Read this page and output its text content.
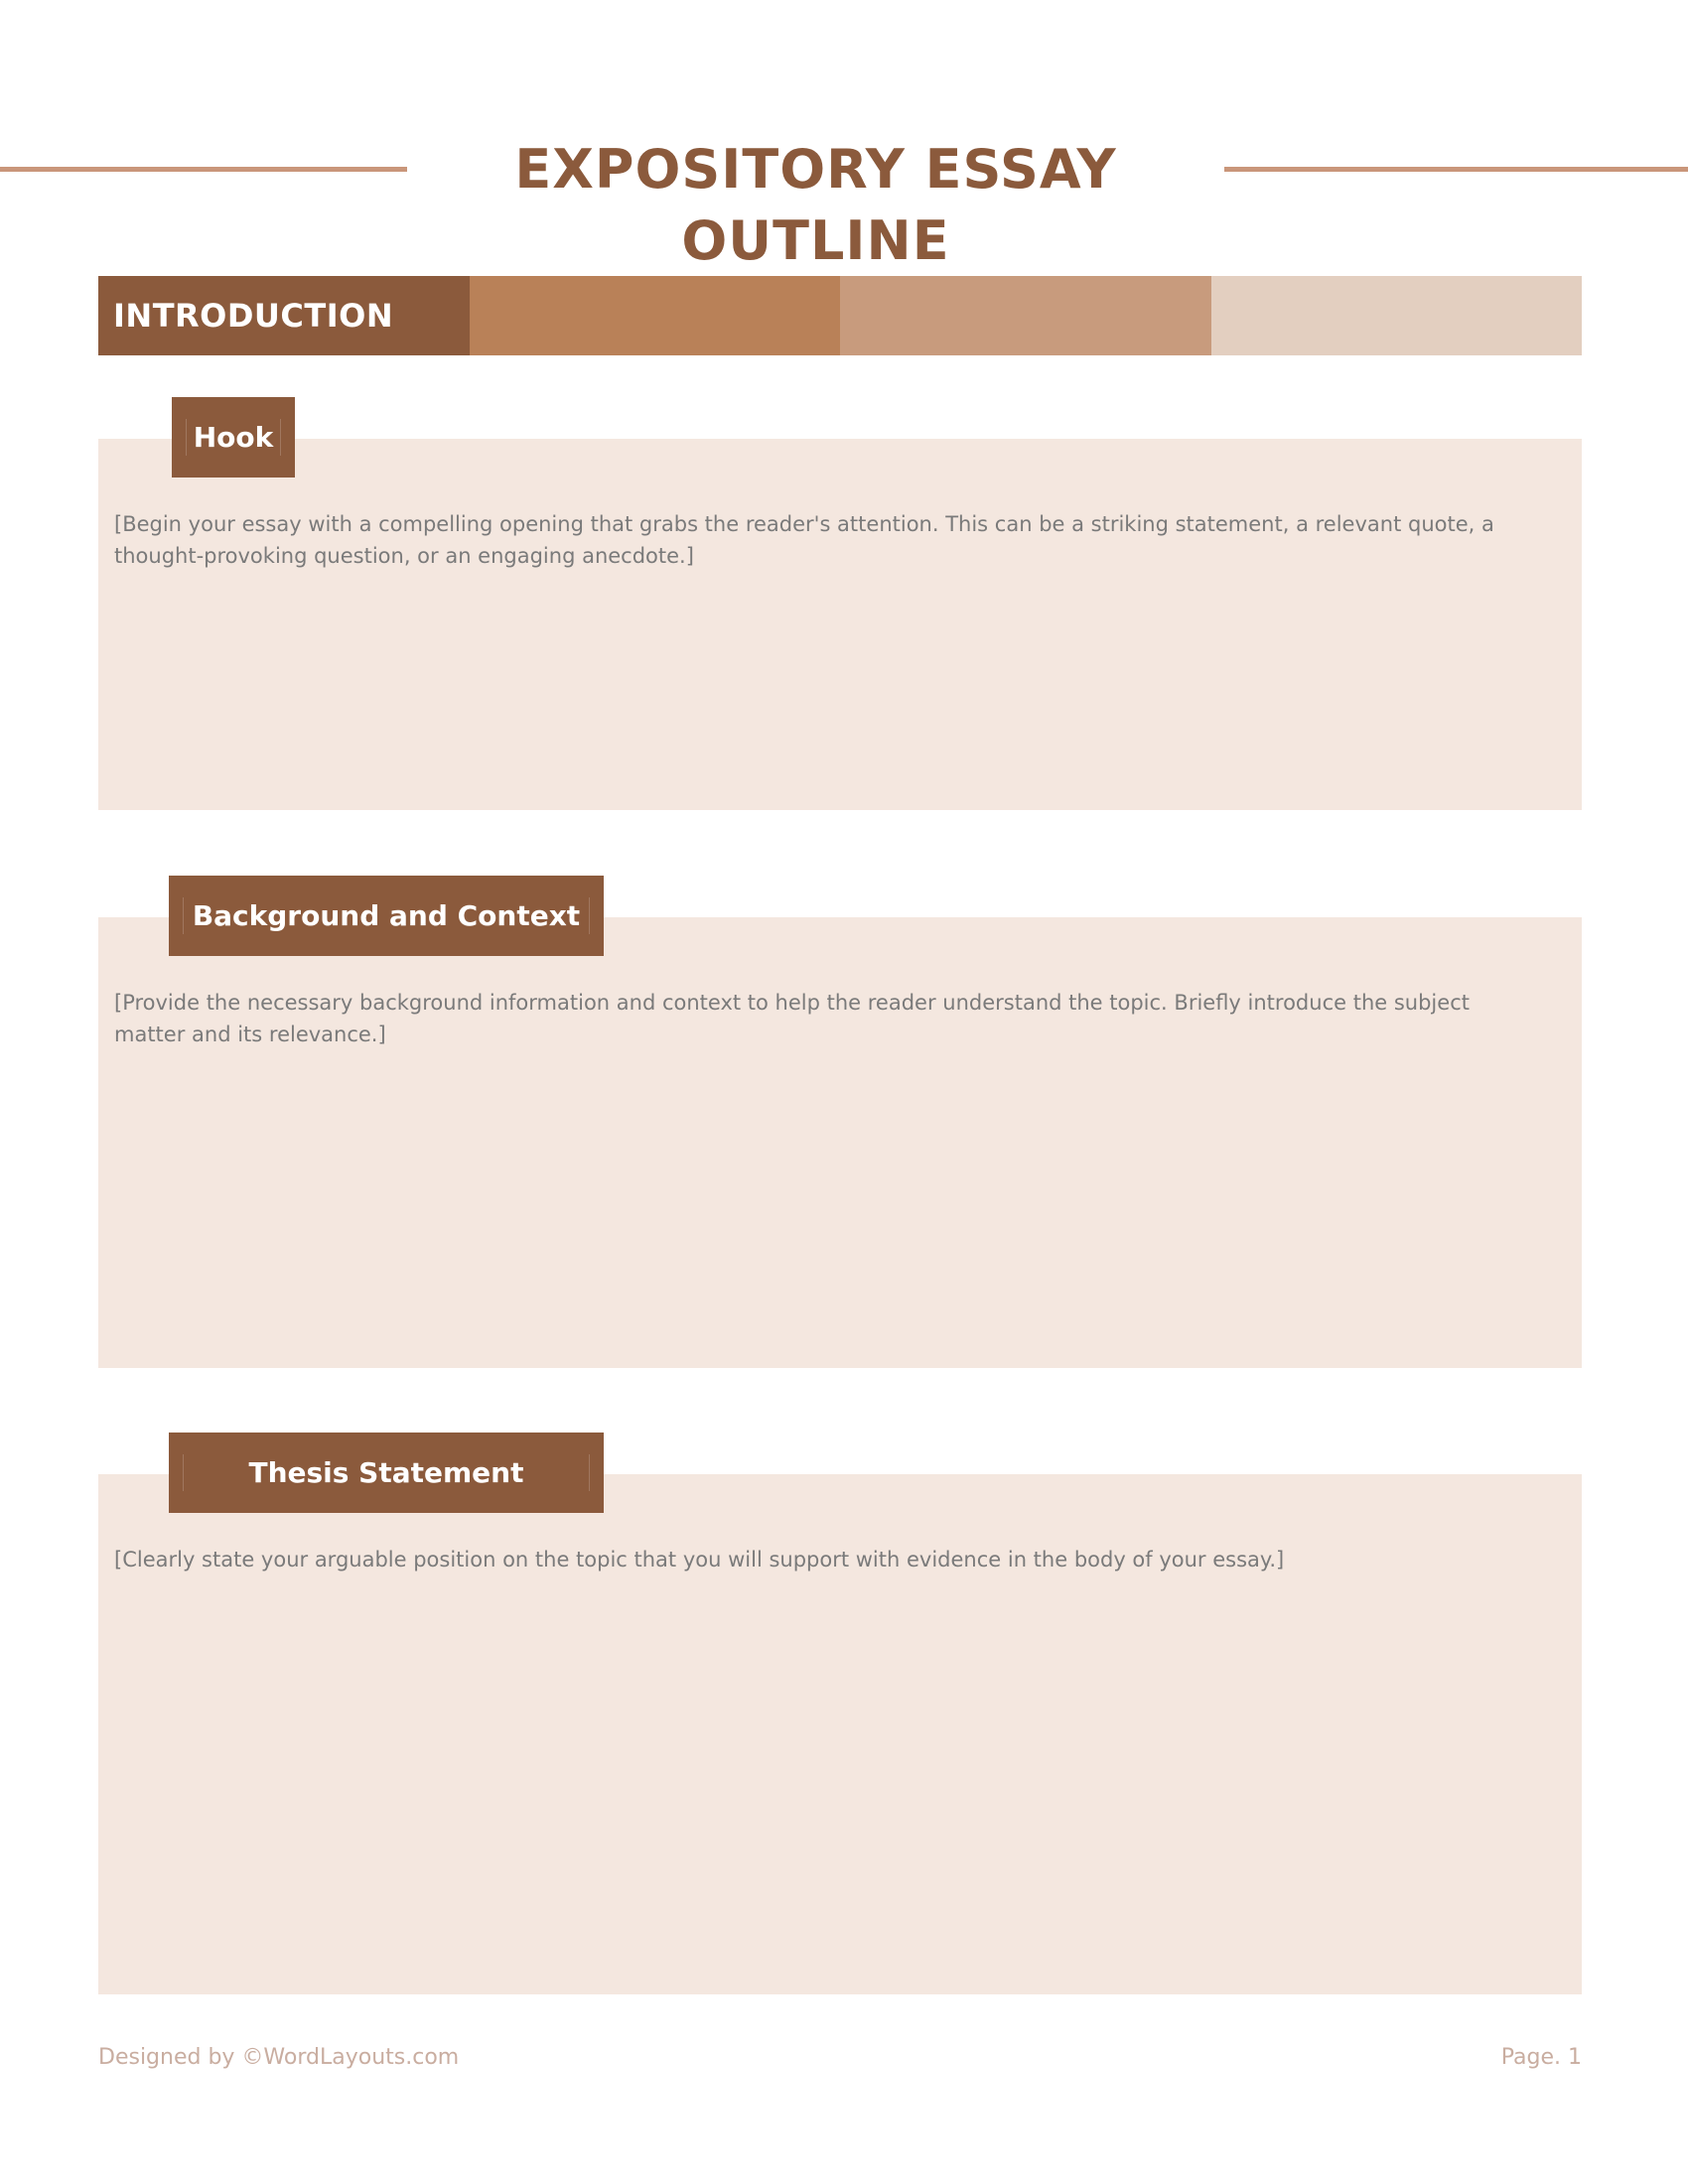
EXPOSITORY ESSAY OUTLINE
INTRODUCTION

[Begin your essay with a compelling opening that grabs the reader's attention. This can be a striking statement, a relevant quote, a thought-provoking question, or an engaging anecdote.]

Hook

[Provide the necessary background information and context to help the reader understand the topic. Briefly introduce the subject matter and its relevance.]

Background and Context

[Clearly state your arguable position on the topic that you will support with evidence in the body of your essay.]

Thesis Statement

Designed by ©WordLayouts.com	Page. 1
